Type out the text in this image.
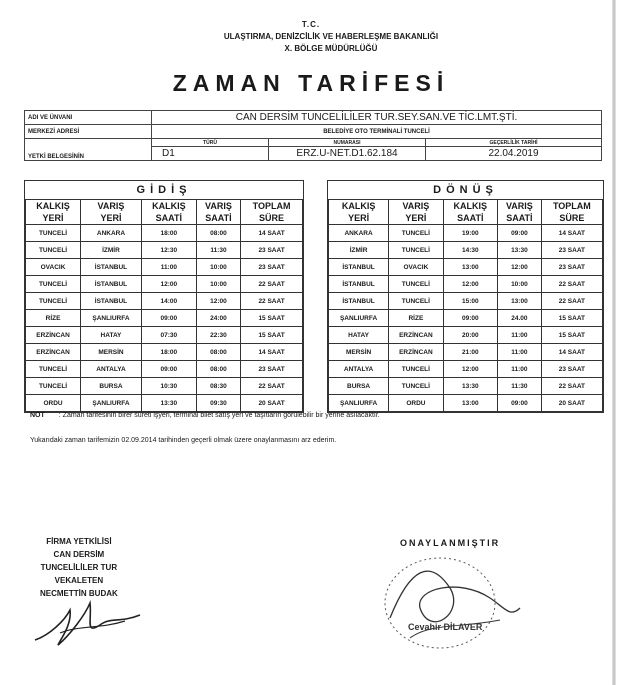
T.C.
ULAŞTIRMA, DENİZCİLİK VE HABERLEŞME BAKANLIĞI
X. BÖLGE MÜDÜRLÜĞÜ
ZAMAN TARİFESİ
ADI VE ÜNVANI	CAN DERSİM TUNCELİLİLER TUR.SEY.SAN.VE TİC.LMT.ŞTİ.		
MERKEZİ ADRESİ	BELEDİYE OTO TERMİNALİ TUNCELİ		
YETKİ BELGESİNİN	TÜRÜ	NUMARASI	GEÇERLİLİK TARİHİ
	D1	ERZ.U-NET.D1.62.184	22.04.2019
GİDİŞ
KALKIŞ	VARIŞ	KALKIŞ	VARIŞ	TOPLAM
YERİ	YERİ	SAATİ	SAATİ	SÜRE
TUNCELİ	ANKARA	18:00	08:00	14 SAAT
TUNCELİ	İZMİR	12:30	11:30	23 SAAT
OVACIK	İSTANBUL	11:00	10:00	23 SAAT
TUNCELİ	İSTANBUL	12:00	10:00	22 SAAT
TUNCELİ	İSTANBUL	14:00	12:00	22 SAAT
RİZE	ŞANLIURFA	09:00	24:00	15 SAAT
ERZİNCAN	HATAY	07:30	22:30	15 SAAT
ERZİNCAN	MERSİN	18:00	08:00	14 SAAT
TUNCELİ	ANTALYA	09:00	08:00	23 SAAT
TUNCELİ	BURSA	10:30	08:30	22 SAAT
ORDU	ŞANLIURFA	13:30	09:30	20 SAAT
DÖNÜŞ
KALKIŞ	VARIŞ	KALKIŞ	VARIŞ	TOPLAM
YERİ	YERİ	SAATİ	SAATİ	SÜRE
ANKARA	TUNCELİ	19:00	09:00	14 SAAT
İZMİR	TUNCELİ	14:30	13:30	23 SAAT
İSTANBUL	OVACIK	13:00	12:00	23 SAAT
İSTANBUL	TUNCELİ	12:00	10:00	22 SAAT
İSTANBUL	TUNCELİ	15:00	13:00	22 SAAT
ŞANLIURFA	RİZE	09:00	24.00	15 SAAT
HATAY	ERZİNCAN	20:00	11:00	15 SAAT
MERSİN	ERZİNCAN	21:00	11:00	14 SAAT
ANTALYA	TUNCELİ	12:00	11:00	23 SAAT
BURSA	TUNCELİ	13:30	11:30	22 SAAT
ŞANLIURFA	ORDU	13:00	09:00	20 SAAT
NOT : Zaman tarifesinin birer sureti işyeri, terminal bilet satış yeri ve taşıtların görülebilir bir yerine asılacaktır.
Yukarıdaki zaman tarifemizin 02.09.2014 tarihinden geçerli olmak üzere onaylanmasını arz ederim.
FİRMA YETKİLİSİ
CAN DERSİM
TUNCELİLİLER TUR
VEKALETEN
NECMETTİN BUDAK
ONAYLANMIŞTIR
Cevahir DİLAVER
